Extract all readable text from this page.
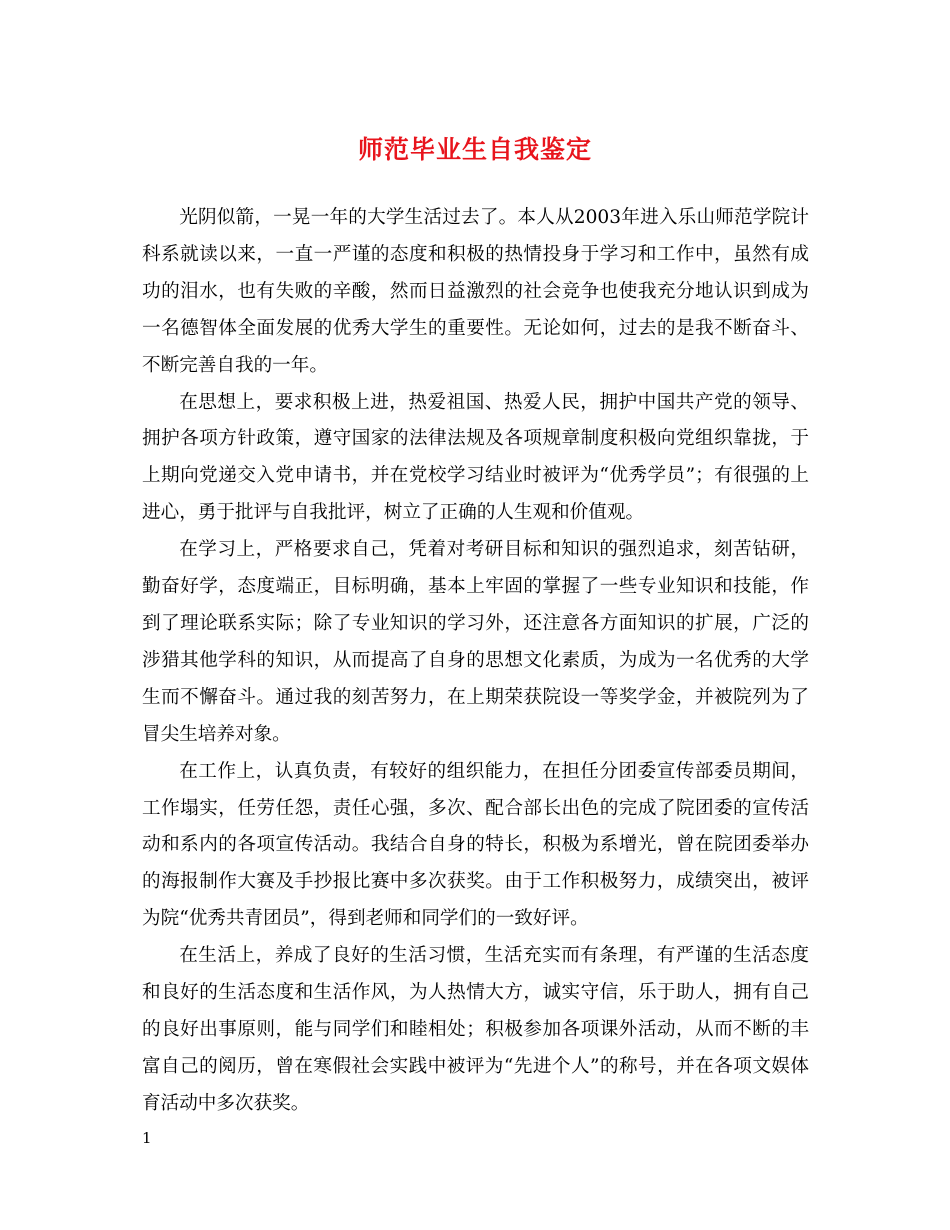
师范毕业生自我鉴定

光阴似箭，一晃一年的大学生活过去了。本人从2003年进入乐山师范学院计科系就读以来，一直一严谨的态度和积极的热情投身于学习和工作中，虽然有成功的泪水，也有失败的辛酸，然而日益激烈的社会竞争也使我充分地认识到成为一名德智体全面发展的优秀大学生的重要性。无论如何，过去的是我不断奋斗、不断完善自我的一年。

在思想上，要求积极上进，热爱祖国、热爱人民，拥护中国共产党的领导、拥护各项方针政策，遵守国家的法律法规及各项规章制度积极向党组织靠拢，于上期向党递交入党申请书，并在党校学习结业时被评为“优秀学员”；有很强的上进心，勇于批评与自我批评，树立了正确的人生观和价值观。

在学习上，严格要求自己，凭着对考研目标和知识的强烈追求，刻苦钻研，勤奋好学，态度端正，目标明确，基本上牢固的掌握了一些专业知识和技能，作到了理论联系实际；除了专业知识的学习外，还注意各方面知识的扩展，广泛的涉猎其他学科的知识，从而提高了自身的思想文化素质，为成为一名优秀的大学生而不懈奋斗。通过我的刻苦努力，在上期荣获院设一等奖学金，并被院列为了冒尖生培养对象。

在工作上，认真负责，有较好的组织能力，在担任分团委宣传部委员期间，工作塌实，任劳任怨，责任心强，多次、配合部长出色的完成了院团委的宣传活动和系内的各项宣传活动。我结合自身的特长，积极为系增光，曾在院团委举办的海报制作大赛及手抄报比赛中多次获奖。由于工作积极努力，成绩突出，被评为院“优秀共青团员”，得到老师和同学们的一致好评。

在生活上，养成了良好的生活习惯，生活充实而有条理，有严谨的生活态度和良好的生活态度和生活作风，为人热情大方，诚实守信，乐于助人，拥有自己的良好出事原则，能与同学们和睦相处；积极参加各项课外活动，从而不断的丰富自己的阅历，曾在寒假社会实践中被评为“先进个人”的称号，并在各项文娱体育活动中多次获奖。

1
